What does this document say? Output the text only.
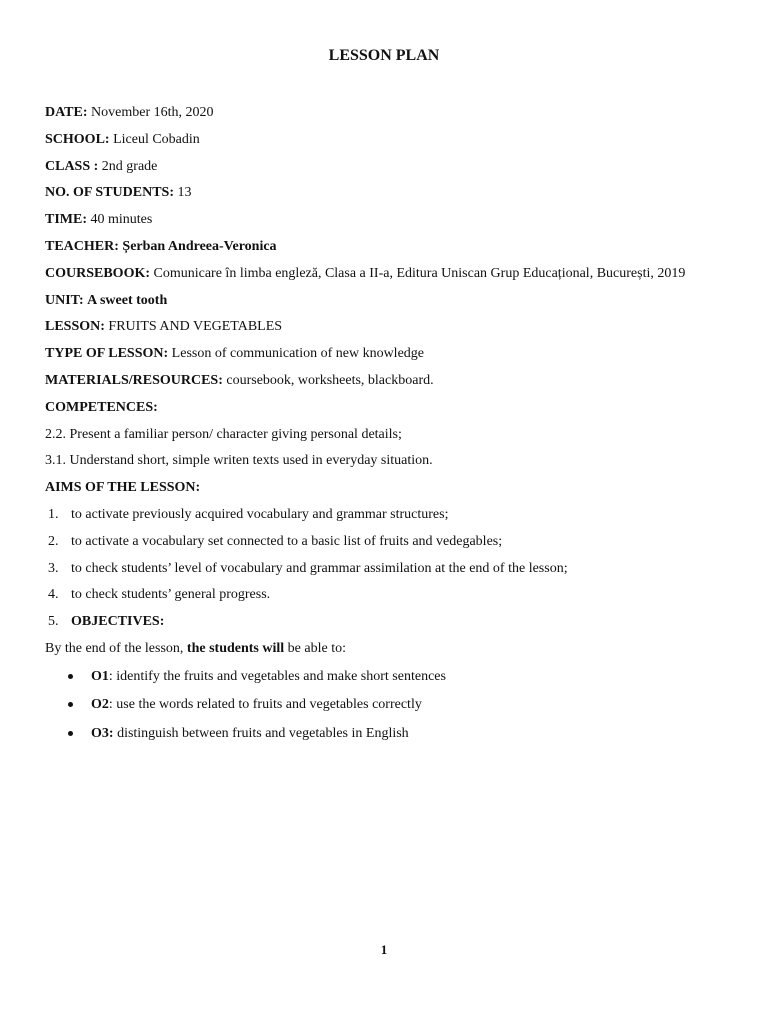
LESSON PLAN
DATE: November 16th, 2020
SCHOOL: Liceul Cobadin
CLASS : 2nd grade
NO. OF STUDENTS: 13
TIME: 40 minutes
TEACHER: Șerban Andreea-Veronica
COURSEBOOK: Comunicare în limba engleză, Clasa a II-a, Editura Uniscan Grup Educațional, București, 2019
UNIT: A sweet tooth
LESSON: FRUITS AND VEGETABLES
TYPE OF LESSON: Lesson of communication of new knowledge
MATERIALS/RESOURCES: coursebook, worksheets, blackboard.
COMPETENCES:
2.2. Present a familiar person/ character giving personal details;
3.1. Understand short, simple writen texts used in everyday situation.
AIMS OF THE LESSON:
1. to activate previously acquired vocabulary and grammar structures;
2. to activate a vocabulary set connected to a basic list of fruits and vedegables;
3. to check students’ level of vocabulary and grammar assimilation at the end of the lesson;
4. to check students’ general progress.
5. OBJECTIVES:
By the end of the lesson, the students will be able to:
O1: identify the fruits and vegetables and make short sentences
O2: use the words related to fruits and vegetables correctly
O3: distinguish between fruits and vegetables in English
1
